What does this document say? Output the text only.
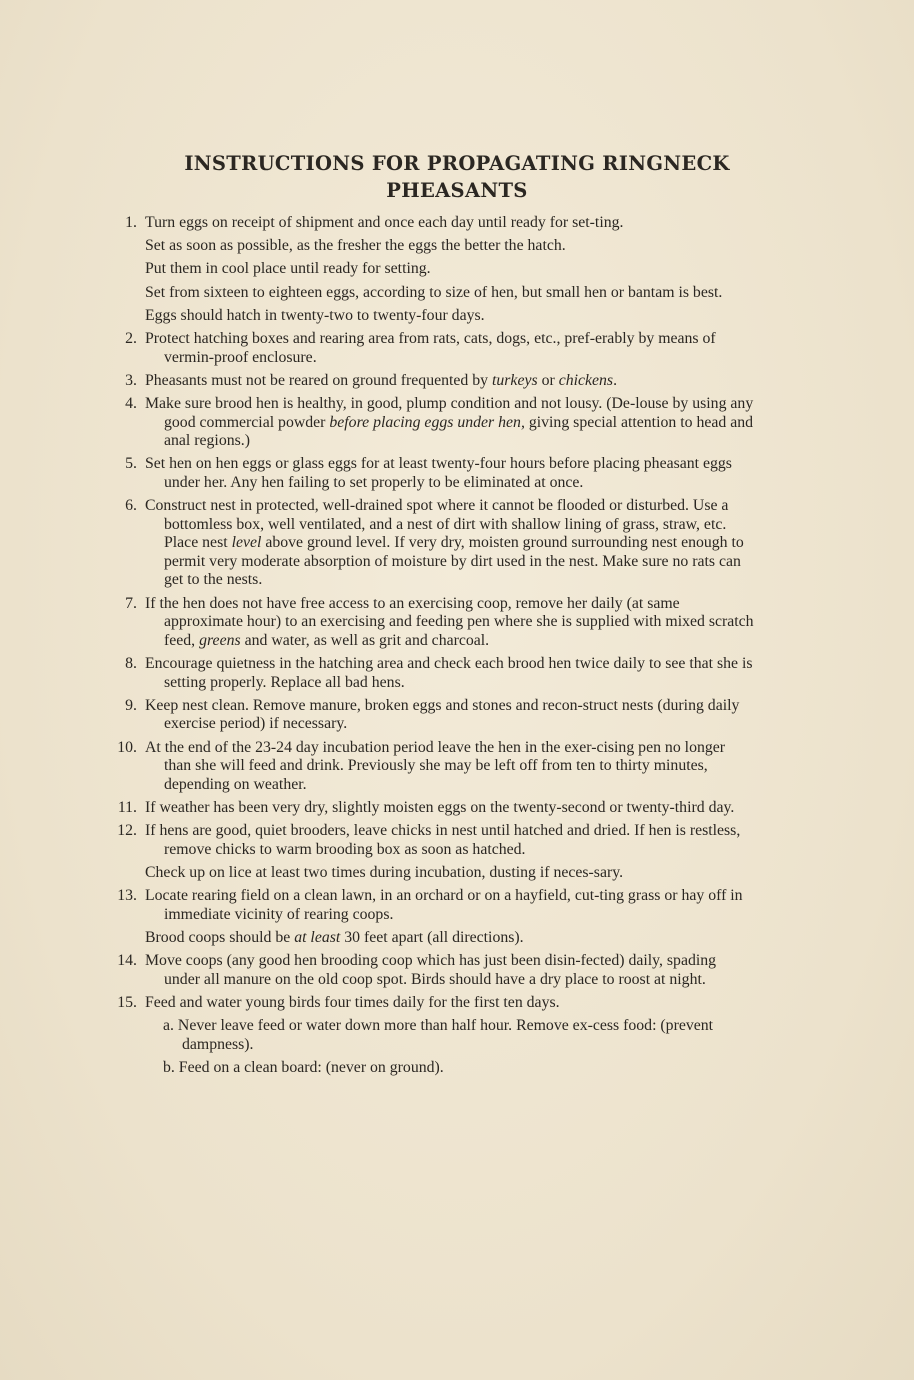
INSTRUCTIONS FOR PROPAGATING RINGNECK
PHEASANTS
1. Turn eggs on receipt of shipment and once each day until ready for set-ting.
Set as soon as possible, as the fresher the eggs the better the hatch.
Put them in cool place until ready for setting.
Set from sixteen to eighteen eggs, according to size of hen, but small hen or bantam is best.
Eggs should hatch in twenty-two to twenty-four days.
2. Protect hatching boxes and rearing area from rats, cats, dogs, etc., pref-erably by means of vermin-proof enclosure.
3. Pheasants must not be reared on ground frequented by turkeys or chickens.
4. Make sure brood hen is healthy, in good, plump condition and not lousy. (De-louse by using any good commercial powder before placing eggs under hen, giving special attention to head and anal regions.)
5. Set hen on hen eggs or glass eggs for at least twenty-four hours before placing pheasant eggs under her. Any hen failing to set properly to be eliminated at once.
6. Construct nest in protected, well-drained spot where it cannot be flooded or disturbed. Use a bottomless box, well ventilated, and a nest of dirt with shallow lining of grass, straw, etc. Place nest level above ground level. If very dry, moisten ground surrounding nest enough to permit very moderate absorption of moisture by dirt used in the nest. Make sure no rats can get to the nests.
7. If the hen does not have free access to an exercising coop, remove her daily (at same approximate hour) to an exercising and feeding pen where she is supplied with mixed scratch feed, greens and water, as well as grit and charcoal.
8. Encourage quietness in the hatching area and check each brood hen twice daily to see that she is setting properly. Replace all bad hens.
9. Keep nest clean. Remove manure, broken eggs and stones and recon-struct nests (during daily exercise period) if necessary.
10. At the end of the 23-24 day incubation period leave the hen in the exer-cising pen no longer than she will feed and drink. Previously she may be left off from ten to thirty minutes, depending on weather.
11. If weather has been very dry, slightly moisten eggs on the twenty-second or twenty-third day.
12. If hens are good, quiet brooders, leave chicks in nest until hatched and dried. If hen is restless, remove chicks to warm brooding box as soon as hatched.
Check up on lice at least two times during incubation, dusting if neces-sary.
13. Locate rearing field on a clean lawn, in an orchard or on a hayfield, cut-ting grass or hay off in immediate vicinity of rearing coops.
Brood coops should be at least 30 feet apart (all directions).
14. Move coops (any good hen brooding coop which has just been disin-fected) daily, spading under all manure on the old coop spot. Birds should have a dry place to roost at night.
15. Feed and water young birds four times daily for the first ten days.
a. Never leave feed or water down more than half hour. Remove ex-cess food: (prevent dampness).
b. Feed on a clean board: (never on ground).
